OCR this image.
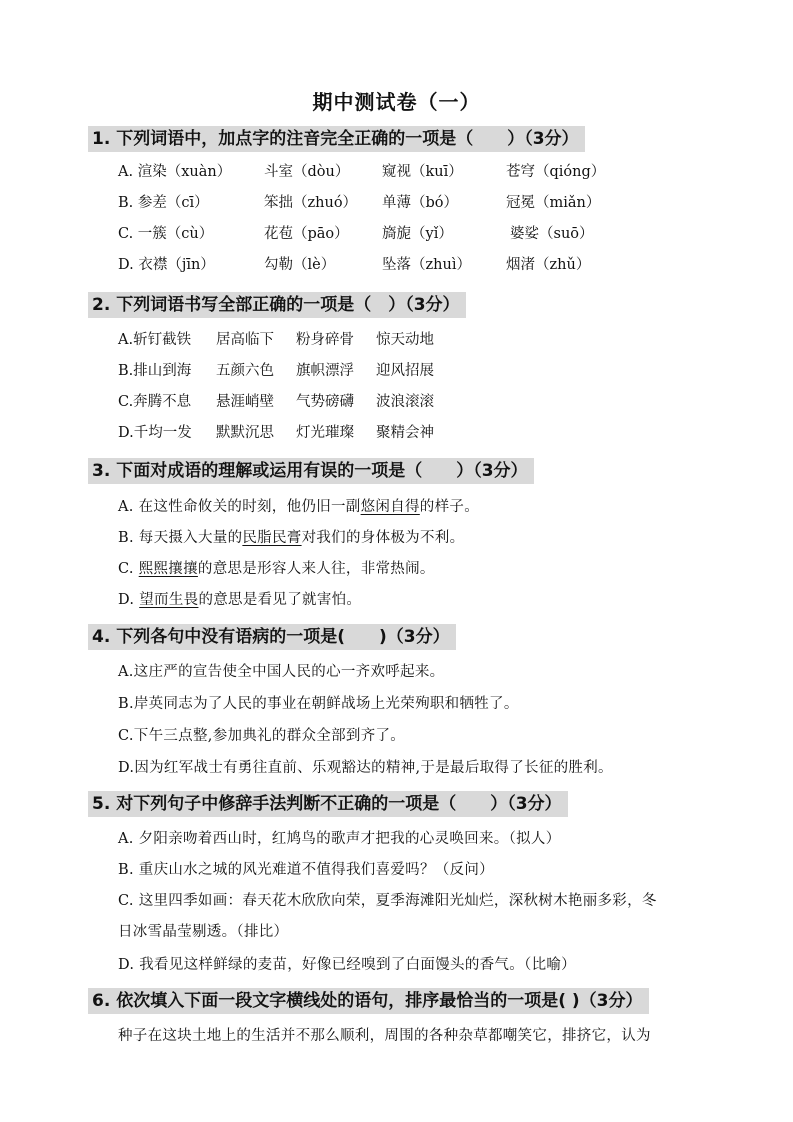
期中测试卷（一）
1. 下列词语中，加点字的注音完全正确的一项是（　　）（3分）
A. 渲染（xuàn） 斗室（dòu） 窥视（kuī）	苍穹（qióng）
B. 参差（cī）	笨拙（zhuó） 单薄（bó）	冠冕（miǎn）
C. 一簇（cù）	花苞（pāo） 旖旎（yǐ）	婆娑（suō）
D. 衣襟（jīn）	勾勒（lè）	坠落（zhuì） 烟渚（zhǔ）
2. 下列词语书写全部正确的一项是（　）（3分）
A.斩钉截铁 居高临下 粉身碎骨 惊天动地
B.排山到海 五颜六色 旗帜漂浮 迎风招展
C.奔腾不息 悬涯峭壁 气势磅礴 波浪滚滚
D.千均一发 默默沉思 灯光璀璨 聚精会神
3. 下面对成语的理解或运用有误的一项是（　　）（3分）
A. 在这性命攸关的时刻，他仍旧一副悠闲自得的样子。
B. 每天摄入大量的民脂民膏对我们的身体极为不利。
C. 熙熙攘攘的意思是形容人来人往，非常热闹。
D. 望而生畏的意思是看见了就害怕。
4. 下列各句中没有语病的一项是(　　)（3分）
A.这庄严的宣告使全中国人民的心一齐欢呼起来。
B.岸英同志为了人民的事业在朝鲜战场上光荣殉职和牺牲了。
C.下午三点整,参加典礼的群众全部到齐了。
D.因为红军战士有勇往直前、乐观豁达的精神,于是最后取得了长征的胜利。
5. 对下列句子中修辞手法判断不正确的一项是（　　）（3分）
A. 夕阳亲吻着西山时，红鸠鸟的歌声才把我的心灵唤回来。（拟人）
B. 重庆山水之城的风光难道不值得我们喜爱吗？（反问）
C. 这里四季如画：春天花木欣欣向荣，夏季海滩阳光灿烂，深秋树木艳丽多彩，冬
日冰雪晶莹剔透。（排比）
D. 我看见这样鲜绿的麦苗，好像已经嗅到了白面馒头的香气。（比喻）
6. 依次填入下面一段文字横线处的语句，排序最恰当的一项是( )（3分）
种子在这块土地上的生活并不那么顺利，周围的各种杂草都嘲笑它，排挤它，认为
